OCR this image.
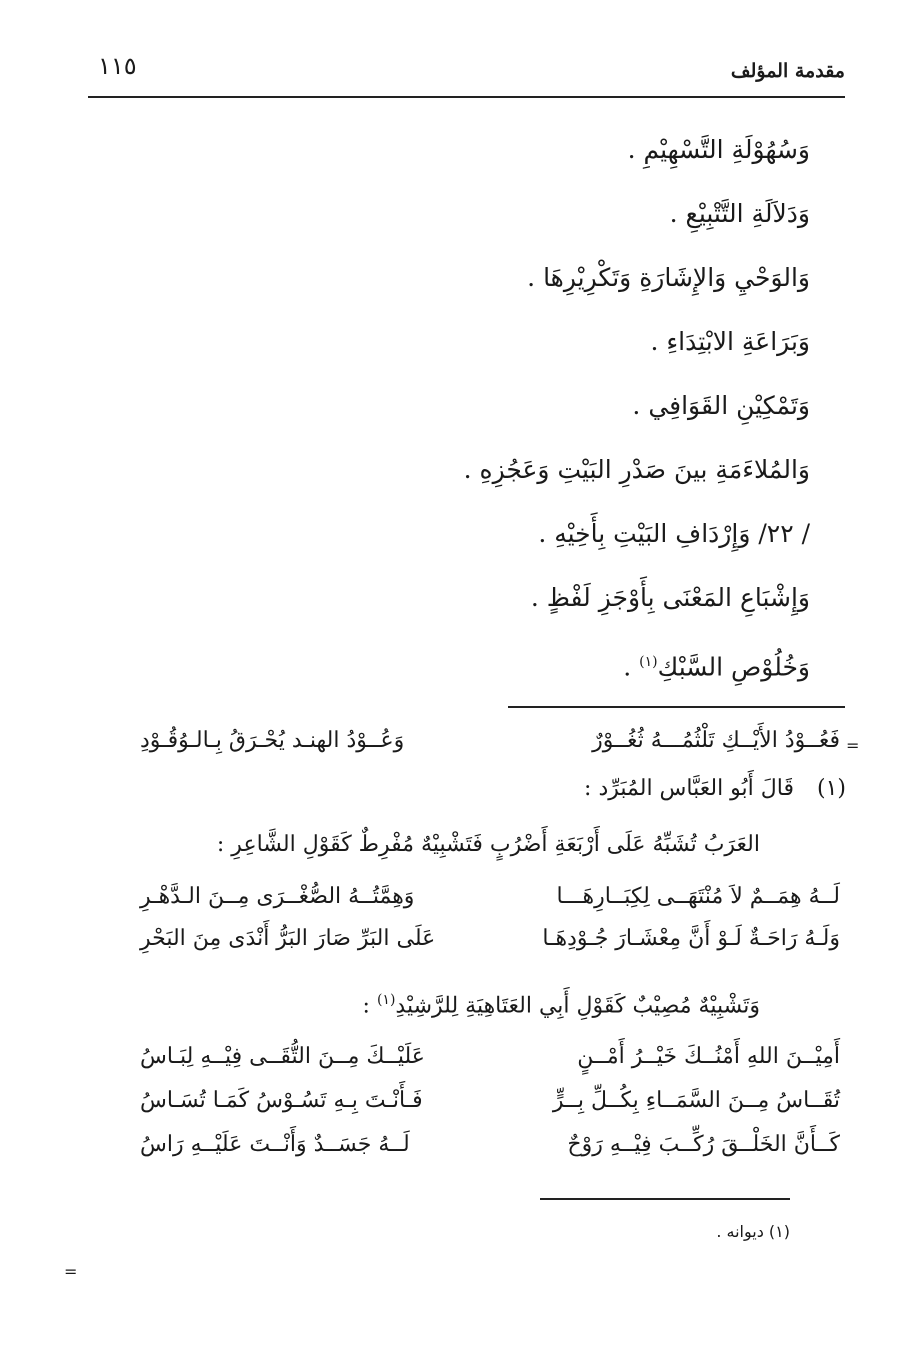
مقدمة المؤلف
١١٥
وَسُهُوْلَةِ التَّسْهِيْمِ .
وَدَلاَلَةِ التَّتْبِيْعِ .
وَالوَحْيِ وَالإِشَارَةِ وَتَكْرِيْرِهَا .
وَبَرَاعَةِ الابْتِدَاءِ .
وَتَمْكِيْنِ القَوَافِي .
وَالمُلاءَمَةِ بينَ صَدْرِ البَيْتِ وَعَجُزِهِ .
/ ٢٢/ وَإِرْدَافِ البَيْتِ بِأَخِيْهِ .
وَإِشْبَاعِ المَعْنَى بِأَوْجَزِ لَفْظٍ .
وَخُلُوْصِ السَّبْكِ$^{(١)}$ .
=
فَعُــوْدُ الأَيْــكِ تَلْثُمُـــهُ ثُغُــوْرٌ
وَعُــوْدُ الهنـد يُحْـرَقُ بِـالـوُقُـوْدِ
(١) قَالَ أَبُو العَبَّاس المُبَرِّد :
العَرَبُ تُشَبِّهُ عَلَى أَرْبَعَةِ أَضْرُبٍ فَتَشْبِيْهٌ مُفْرِطٌ كَقَوْلِ الشَّاعِرِ :
لَــهُ هِمَــمٌ لاَ مُنْتَهَــى لِكِبَــارِهَـــا
وَهِمَّتُــهُ الصُّغْــرَى مِــنَ الـدَّهْـرِ
وَلَـهُ رَاحَـةٌ لَـوْ أَنَّ مِعْشَـارَ جُـوْدِهَـا
عَلَى البَرِّ صَارَ البَرُّ أَنْدَى مِنَ البَحْرِ
وَتَشْبِيْهٌ مُصِيْبٌ كَقَوْلِ أَبِي العَتَاهِيَةِ لِلرَّشِيْدِ$^{(١)}$ :
أَمِيْــنَ اللهِ أَمْنُــكَ خَيْــرُ أَمْــنٍ
عَلَيْــكَ مِــنَ التُّقَــى فِيْــهِ لِبَـاسُ
تُقَــاسُ مِــنَ السَّمَــاءِ بِكُــلِّ بِــرٍّ
فَـأَنْـتَ بِـهِ تَسُـوْسُ كَمَـا تُسَـاسُ
كَــأَنَّ الخَلْــقَ رُكِّــبَ فِيْــهِ رَوْحٌ
لَــهُ جَسَــدٌ وَأَنْــتَ عَلَيْــهِ رَاسُ
(١) ديوانه .
=
